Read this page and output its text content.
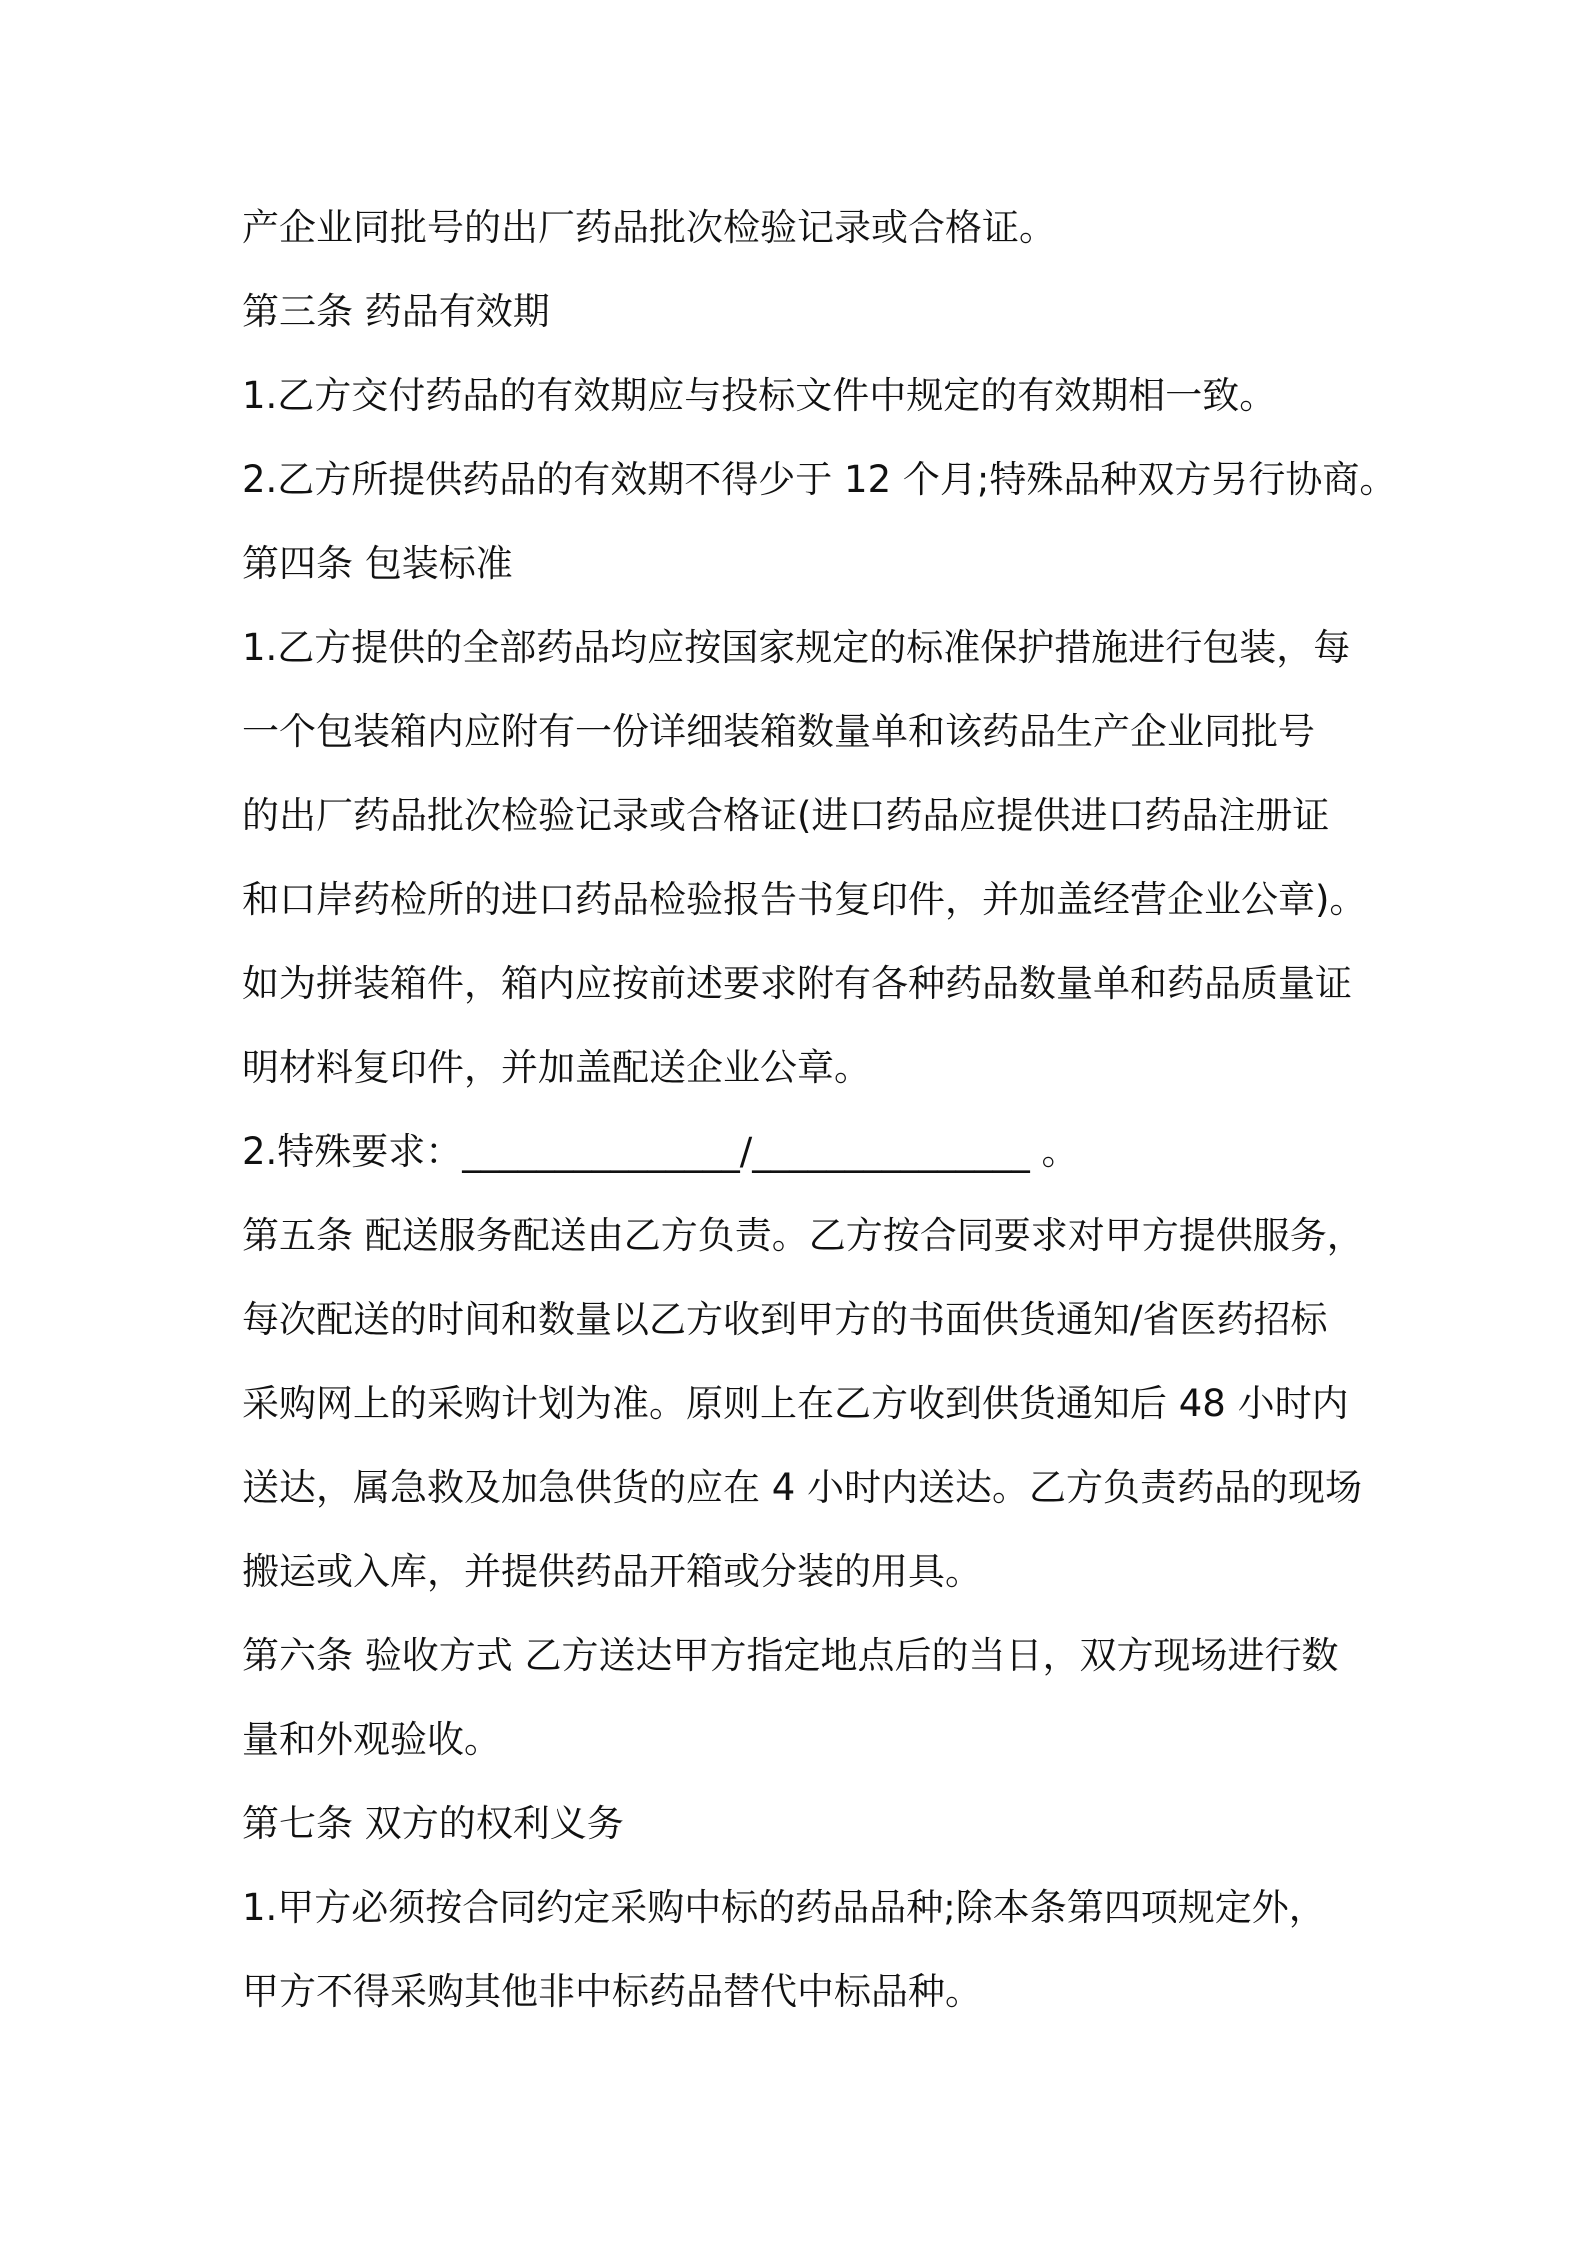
产企业同批号的出厂药品批次检验记录或合格证。
第三条 药品有效期
1.乙方交付药品的有效期应与投标文件中规定的有效期相一致。
2.乙方所提供药品的有效期不得少于 12 个月;特殊品种双方另行协商。
第四条 包装标准
1.乙方提供的全部药品均应按国家规定的标准保护措施进行包装，每
一个包装箱内应附有一份详细装箱数量单和该药品生产企业同批号
的出厂药品批次检验记录或合格证(进口药品应提供进口药品注册证
和口岸药检所的进口药品检验报告书复印件，并加盖经营企业公章)。
如为拼装箱件，箱内应按前述要求附有各种药品数量单和药品质量证
明材料复印件，并加盖配送企业公章。
2.特殊要求：_______________/_______________ 。
第五条 配送服务配送由乙方负责。乙方按合同要求对甲方提供服务，
每次配送的时间和数量以乙方收到甲方的书面供货通知/省医药招标
采购网上的采购计划为准。原则上在乙方收到供货通知后 48 小时内
送达，属急救及加急供货的应在 4 小时内送达。乙方负责药品的现场
搬运或入库，并提供药品开箱或分装的用具。
第六条 验收方式 乙方送达甲方指定地点后的当日，双方现场进行数
量和外观验收。
第七条 双方的权利义务
1.甲方必须按合同约定采购中标的药品品种;除本条第四项规定外，
甲方不得采购其他非中标药品替代中标品种。
